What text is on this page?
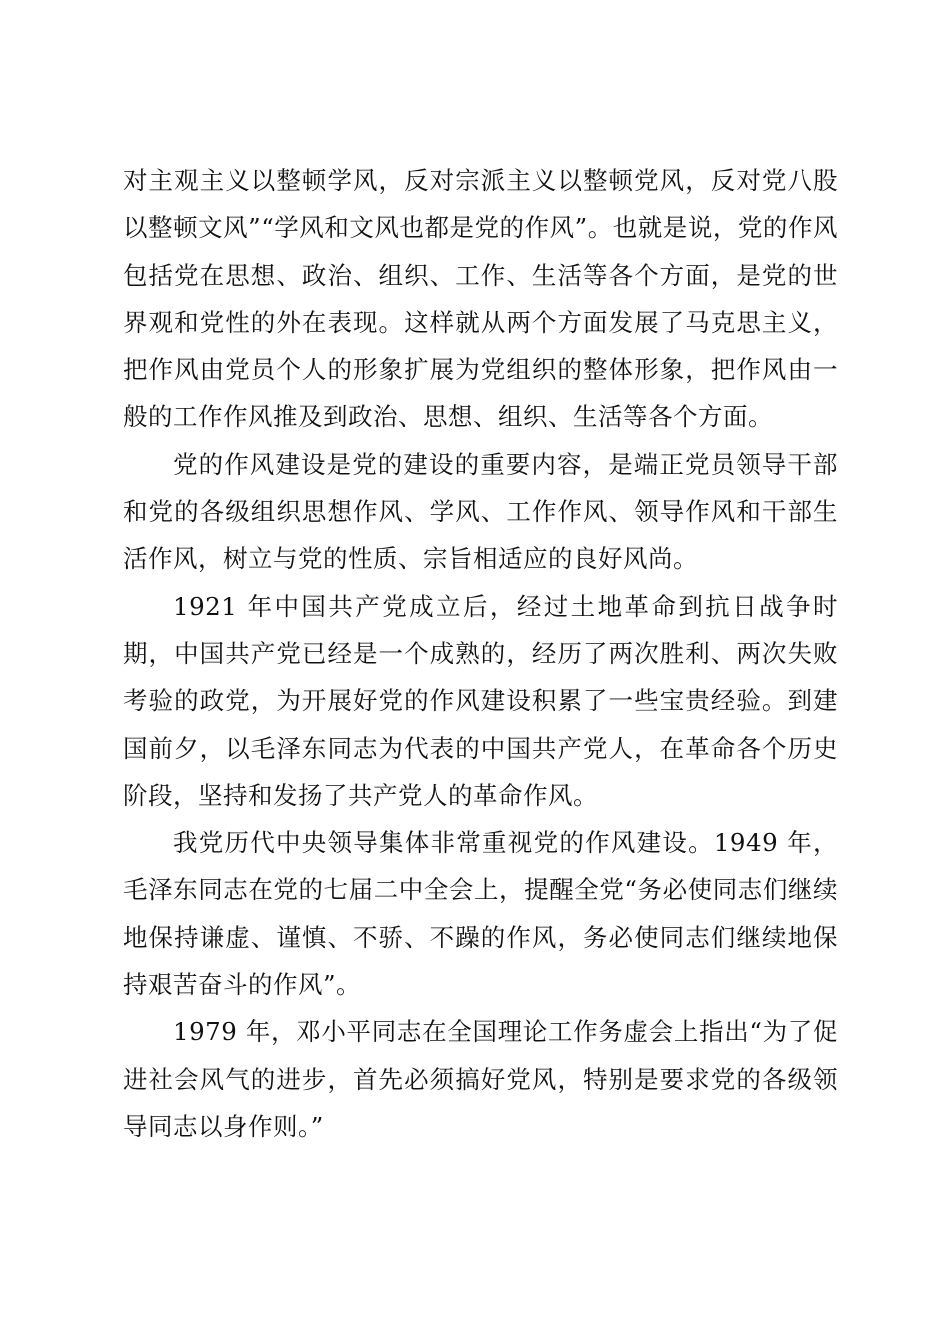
对主观主义以整顿学风，反对宗派主义以整顿党风，反对党八股以整顿文风”“学风和文风也都是党的作风”。也就是说，党的作风包括党在思想、政治、组织、工作、生活等各个方面，是党的世界观和党性的外在表现。这样就从两个方面发展了马克思主义，把作风由党员个人的形象扩展为党组织的整体形象，把作风由一般的工作作风推及到政治、思想、组织、生活等各个方面。

党的作风建设是党的建设的重要内容，是端正党员领导干部和党的各级组织思想作风、学风、工作作风、领导作风和干部生活作风，树立与党的性质、宗旨相适应的良好风尚。

1921 年中国共产党成立后，经过土地革命到抗日战争时期，中国共产党已经是一个成熟的，经历了两次胜利、两次失败考验的政党，为开展好党的作风建设积累了一些宝贵经验。到建国前夕，以毛泽东同志为代表的中国共产党人，在革命各个历史阶段，坚持和发扬了共产党人的革命作风。

我党历代中央领导集体非常重视党的作风建设。1949 年，毛泽东同志在党的七届二中全会上，提醒全党“务必使同志们继续地保持谦虚、谨慎、不骄、不躁的作风，务必使同志们继续地保持艰苦奋斗的作风”。

1979 年，邓小平同志在全国理论工作务虚会上指出“为了促进社会风气的进步，首先必须搞好党风，特别是要求党的各级领导同志以身作则。”
